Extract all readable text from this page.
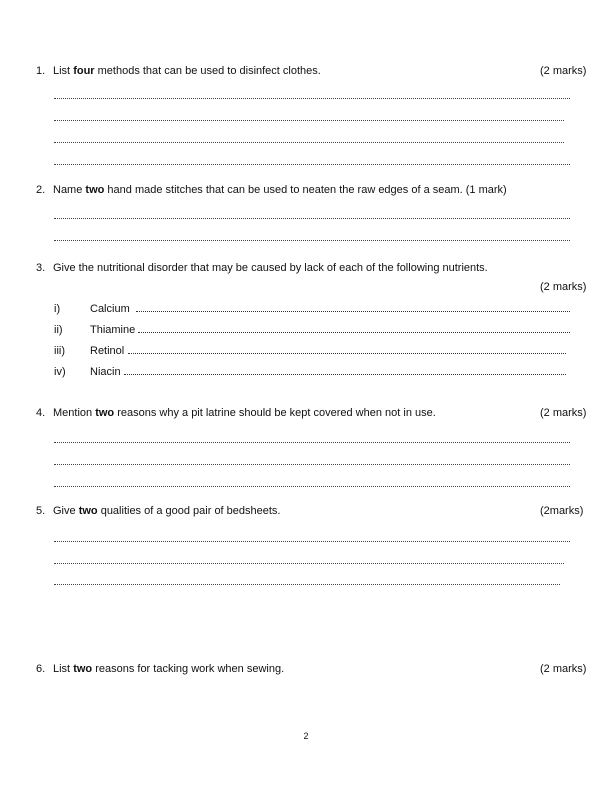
1. List four methods that can be used to disinfect clothes.	(2 marks)
2. Name two hand made stitches that can be used to neaten the raw edges of a seam. (1 mark)
3. Give the nutritional disorder that may be caused by lack of each of the following nutrients.
(2 marks)
i)	Calcium
ii) Thiamine
iii) Retinol
iv) Niacin
4. Mention two reasons why a pit latrine should be kept covered when not in use.	(2 marks)
5. Give two qualities of a good pair of bedsheets.	(2marks)
6. List two reasons for tacking work when sewing.	(2 marks)
2
